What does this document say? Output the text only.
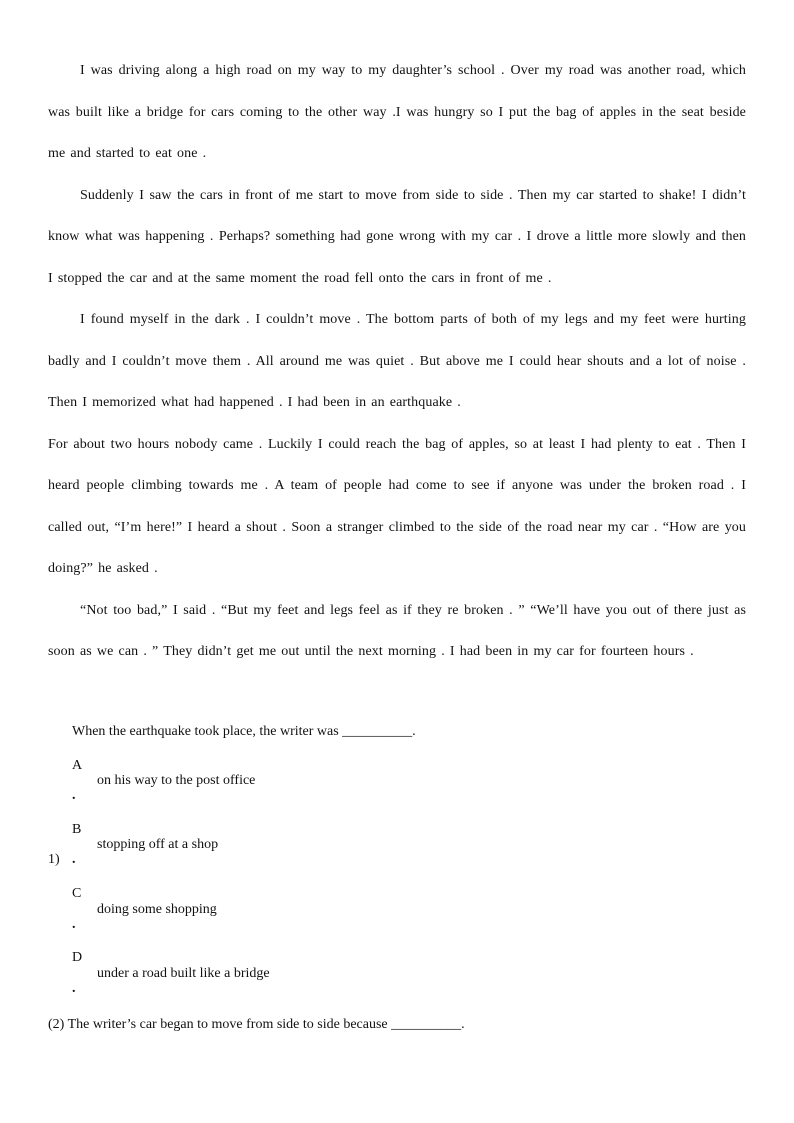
I was driving along a high road on my way to my daughter’s school . Over my road was another road, which was built like a bridge for cars coming to the other way .I was hungry so I put the bag of apples in the seat beside me and started to eat one .

Suddenly I saw the cars in front of me start to move from side to side . Then my car started to shake! I didn’t know what was happening . Perhaps? something had gone wrong with my car . I drove a little more slowly and then I stopped the car and at the same moment the road fell onto the cars in front of me .

I found myself in the dark . I couldn’t move . The bottom parts of both of my legs and my feet were hurting badly and I couldn’t move them . All around me was quiet . But above me I could hear shouts and a lot of noise . Then I memorized what had happened . I had been in an earthquake .

For about two hours nobody came . Luckily I could reach the bag of apples, so at least I had plenty to eat . Then I heard people climbing towards me . A team of people had come to see if anyone was under the broken road . I called out, “I’m here!” I heard a shout . Soon a stranger climbed to the side of the road near my car . “How are you doing?” he asked .

“Not too bad,” I said . “But my feet and legs feel as if they re broken . ” “We’ll have you out of there just as soon as we can . ” They didn’t get me out until the next morning . I had been in my car for fourteen hours .

When the earthquake took place, the writer was __________.
A
on his way to the post office
.
B
stopping off at a shop
.
C
doing some shopping
.
D
under a road built like a bridge
.
1)
(2) The writer’s car began to move from side to side because __________.
